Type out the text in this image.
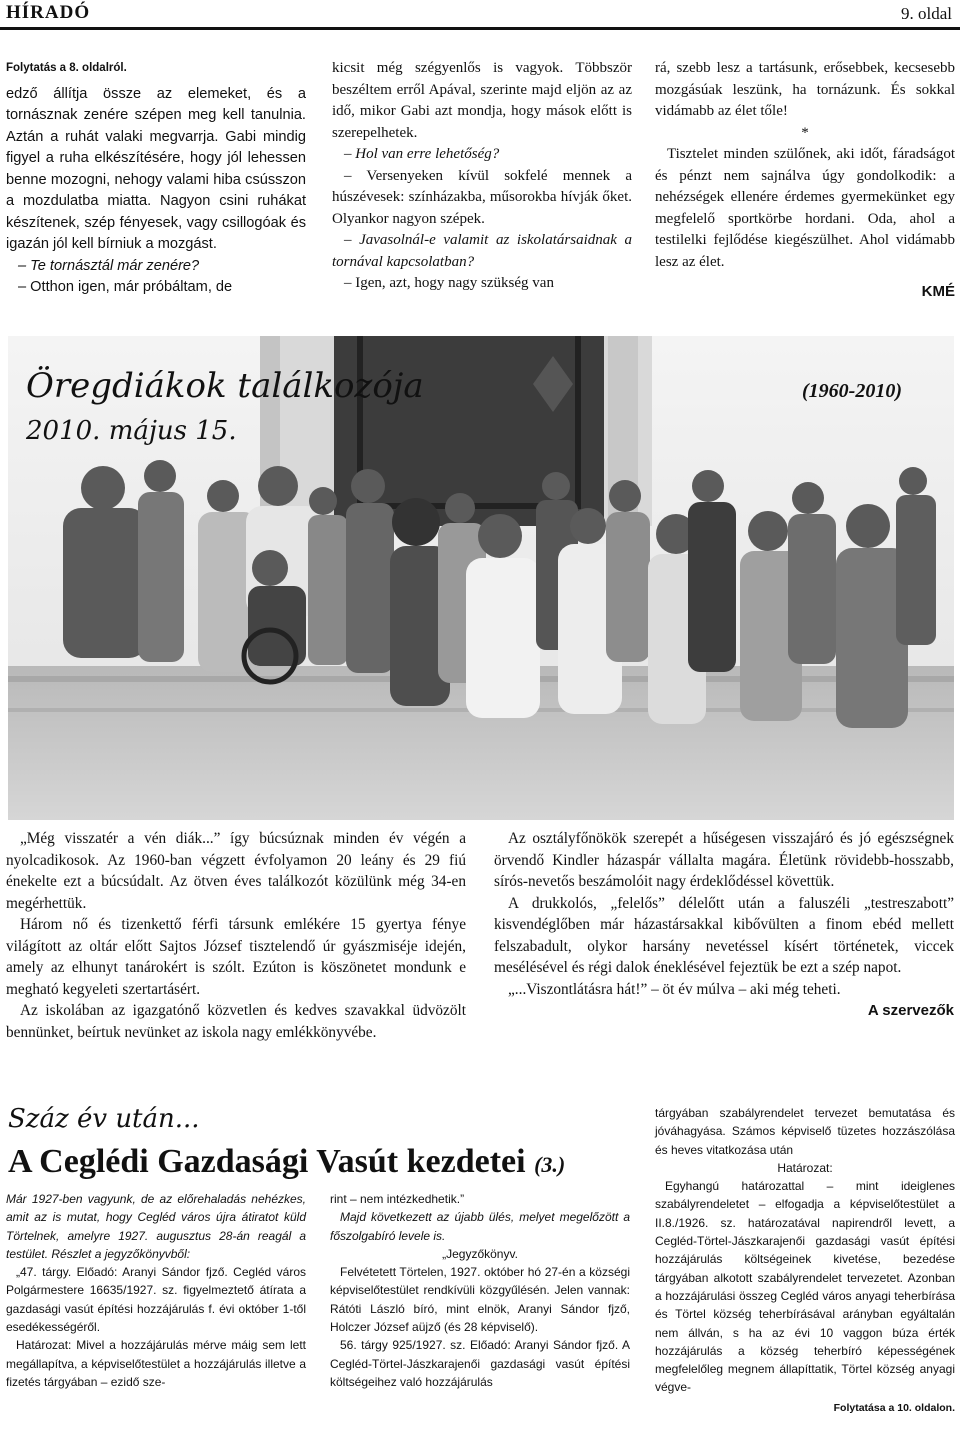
HÍRADÓ	9. oldal
Folytatás a 8. oldalról.

edző állítja össze az elemeket, és a tornásznak zenére szépen meg kell tanulnia. Aztán a ruhát valaki megvarrja. Gabi mindig figyel a ruha elkészítésére, hogy jól lehessen benne mozogni, nehogy valami hiba csússzon a mozdulatba miatta. Nagyon csini ruhákat készítenek, szép fényesek, vagy csillogóak és igazán jól kell bírniuk a mozgást.

– Te tornásztál már zenére?

– Otthon igen, már próbáltam, de

kicsit még szégyenlős is vagyok. Többször beszéltem erről Apával, szerinte majd eljön az az idő, mikor Gabi azt mondja, hogy mások előtt is szerepelhetek.

– Hol van erre lehetőség?

– Versenyeken kívül sokfelé mennek a húszévesek: színházakba, műsorokba hívják őket. Olyankor nagyon szépek.

– Javasolnál-e valamit az iskolatársaidnak a tornával kapcsolatban?

– Igen, azt, hogy nagy szükség van

rá, szebb lesz a tartásunk, erősebbek, kecsesebb mozgásúak leszünk, ha tornázunk. És sokkal vidámabb az élet tőle!

*

Tisztelet minden szülőnek, aki időt, fáradságot és pénzt nem sajnálva úgy gondolkodik: a nehézségek ellenére érdemes gyermekünket egy megfelelő sportkörbe hordani. Oda, ahol a testilelki fejlődése kiegészülhet. Ahol vidámabb lesz az élet.

KMÉ
Öregdiákok találkozója
2010. május 15.
(1960-2010)

„Még visszatér a vén diák...” így búcsúznak minden év végén a nyolcadikosok. Az 1960-ban végzett évfolyamon 20 leány és 29 fiú énekelte ezt a búcsúdalt. Az ötven éves találkozót közülünk még 34-en megérhettük.

Három nő és tizenkettő férfi társunk emlékére 15 gyertya fénye világított az oltár előtt Sajtos József tisztelendő úr gyászmiséje idején, amely az elhunyt tanárokért is szólt. Ezúton is köszönetet mondunk e megható kegyeleti szertartásért.

Az iskolában az igazgatónő közvetlen és kedves szavakkal üdvözölt bennünket, beírtuk nevünket az iskola nagy emlékkönyvébe.

Az osztályfőnökök szerepét a hűségesen visszajáró és jó egészségnek örvendő Kindler házaspár vállalta magára. Életünk rövidebb-hosszabb, sírós-nevetős beszámolóit nagy érdeklődéssel követtük.

A drukkolós, „felelős” délelőtt után a faluszéli „testreszabott” kisvendéglőben már házastársakkal kibővülten a finom ebéd mellett felszabadult, olykor harsány nevetéssel kísért történetek, viccek mesélésével és régi dalok éneklésével fejeztük be ezt a szép napot.

„...Viszontlátásra hát!” – öt év múlva – aki még teheti.

A szervezők
Száz év után...
A Ceglédi Gazdasági Vasút kezdetei (3.)

Már 1927-ben vagyunk, de az előrehaladás nehézkes, amit az is mutat, hogy Cegléd város újra átiratot küld Törtelnek, amelyre 1927. augusztus 28-án reagál a testület. Részlet a jegyzőkönyvből:

„47. tárgy. Előadó: Aranyi Sándor fjző. Cegléd város Polgármestere 16635/1927. sz. figyelmeztető átírata a gazdasági vasút építési hozzájárulás f. évi október 1-től esedékességéről.

Határozat: Mivel a hozzájárulás mérve máig sem lett megállapítva, a képviselőtestület a hozzájárulás illetve a fizetés tárgyában – ezidő sze-

rint – nem intézkedhetik.”

Majd következett az újabb ülés, melyet megelőzött a főszolgabíró levele is.

„Jegyzőkönyv.

Felvétetett Törtelen, 1927. október hó 27-én a községi képviselőtestület rendkívüli közgyűlésén. Jelen vannak: Rátóti László bíró, mint elnök, Aranyi Sándor fjző, Holczer József aüjző (és 28 képviselő).

56. tárgy 925/1927. sz. Előadó: Aranyi Sándor fjző. A Cegléd-Törtel-Jászkarajenői gazdasági vasút építési költségeihez való hozzájárulás

tárgyában szabályrendelet tervezet bemutatása és jóváhagyása. Számos képviselő tüzetes hozzászólása és heves vitatkozása után

Határozat:

Egyhangú határozattal – mint ideiglenes szabályrendeletet – elfogadja a képviselőtestület a II.8./1926. sz. határozatával napirendről levett, a Cegléd-Törtel-Jászkarajenői gazdasági vasút építési hozzájárulás költségeinek kivetése, bezedése tárgyában alkotott szabályrendelet tervezetet. Azonban a hozzájárulási összeg Cegléd város anyagi teherbírása és Törtel község teherbírásával arányban egyáltalán nem állván, s ha az évi 10 vaggon búza érték hozzájárulás a község teherbíró képességének megfelelőleg megnem állapíttatik, Törtel község anyagi végve-

Folytatása a 10. oldalon.
